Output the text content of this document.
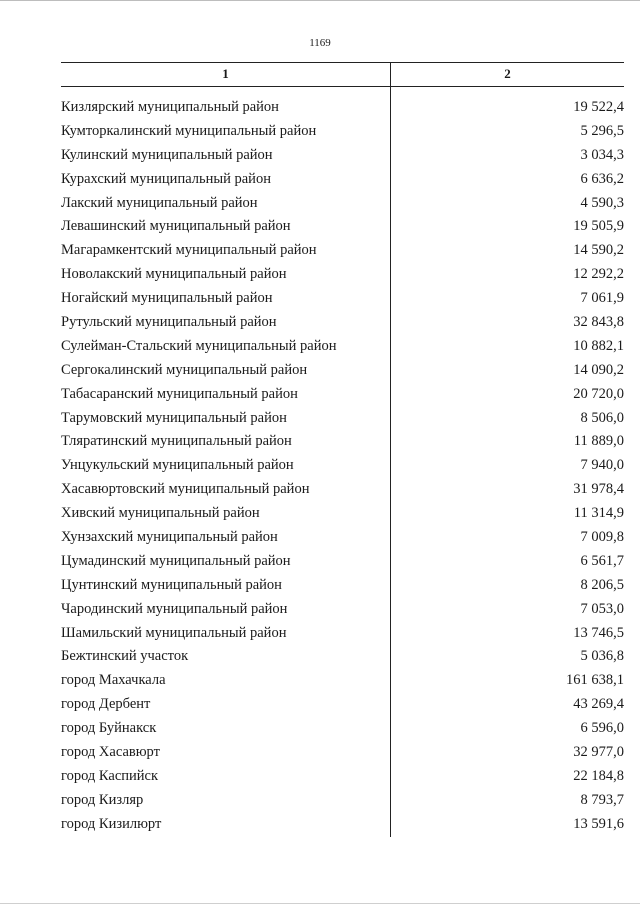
1169
1	2
Кизлярский муниципальный район	19 522,4
Кумторкалинский муниципальный район	5 296,5
Кулинский муниципальный район	3 034,3
Курахский муниципальный район	6 636,2
Лакский муниципальный район	4 590,3
Левашинский муниципальный район	19 505,9
Магарамкентский муниципальный район	14 590,2
Новолакский муниципальный район	12 292,2
Ногайский муниципальный район	7 061,9
Рутульский муниципальный район	32 843,8
Сулейман-Стальский муниципальный район	10 882,1
Сергокалинский муниципальный район	14 090,2
Табасаранский муниципальный район	20 720,0
Тарумовский муниципальный район	8 506,0
Тляратинский муниципальный район	11 889,0
Унцукульский муниципальный район	7 940,0
Хасавюртовский муниципальный район	31 978,4
Хивский муниципальный район	11 314,9
Хунзахский муниципальный район	7 009,8
Цумадинский муниципальный район	6 561,7
Цунтинский муниципальный район	8 206,5
Чародинский муниципальный район	7 053,0
Шамильский муниципальный район	13 746,5
Бежтинский участок	5 036,8
город Махачкала	161 638,1
город Дербент	43 269,4
город Буйнакск	6 596,0
город Хасавюрт	32 977,0
город Каспийск	22 184,8
город Кизляр	8 793,7
город Кизилюрт	13 591,6
